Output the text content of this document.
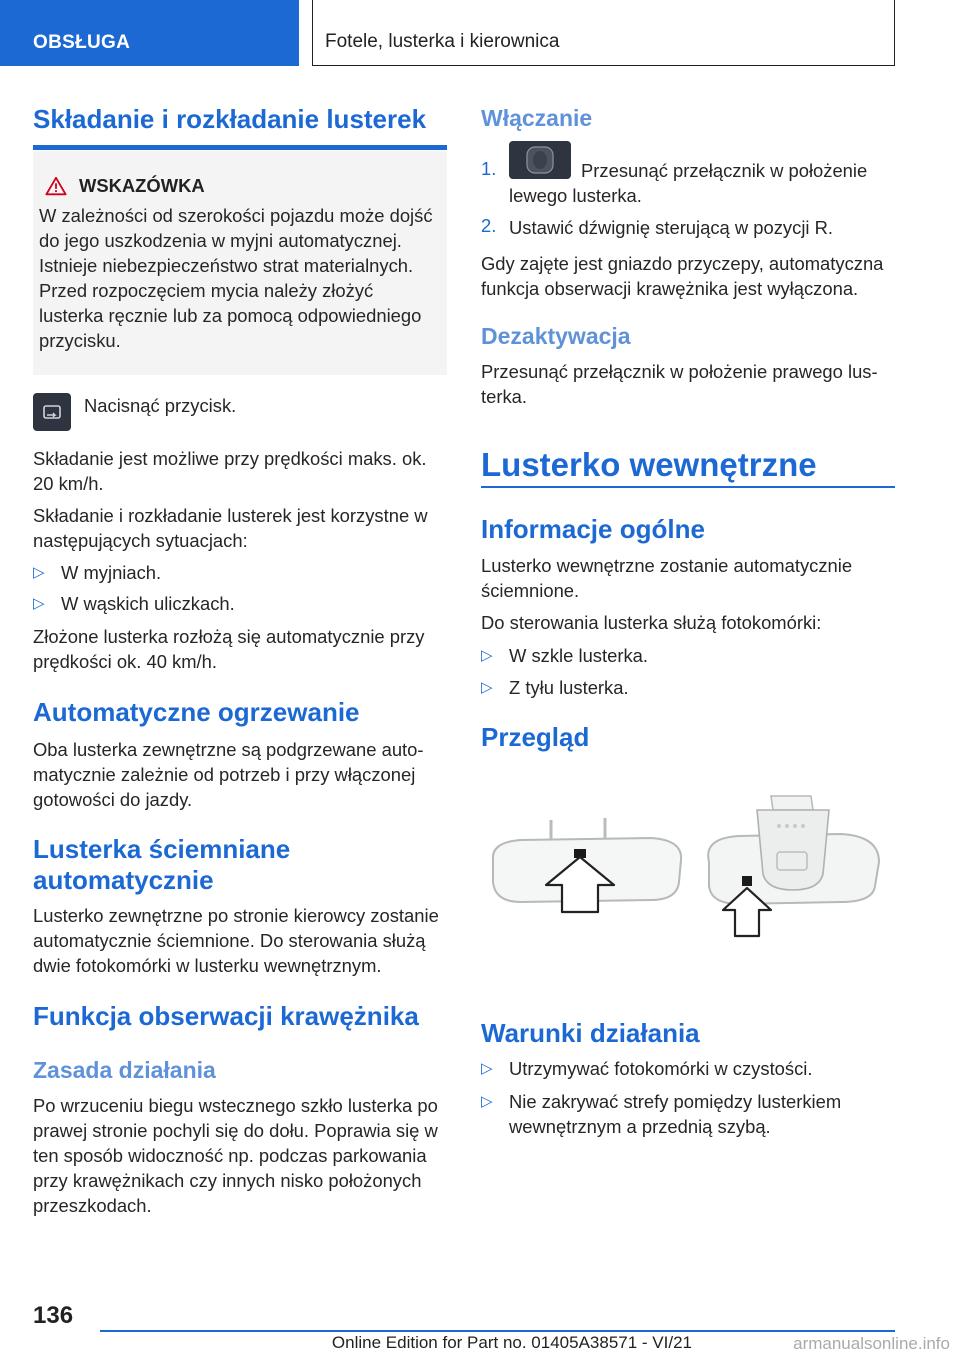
OBSŁUGA	Fotele, lusterka i kierownica
Składanie i rozkładanie lusterek
WSKAZÓWKA

W zależności od szerokości pojazdu może dojść do jego uszkodzenia w myjni automatycznej. Istnieje niebezpieczeństwo strat materialnych. Przed rozpoczęciem mycia należy złożyć lusterka ręcznie lub za pomocą odpowiedniego przycisku.

Nacisnąć przycisk.

Składanie jest możliwe przy prędkości maks. ok. 20 km/h.

Składanie i rozkładanie lusterek jest korzystne w następujących sytuacjach:

▷ W myjniach.
▷ W wąskich uliczkach.

Złożone lusterka rozłożą się automatycznie przy prędkości ok. 40 km/h.

Automatyczne ogrzewanie

Oba lusterka zewnętrzne są podgrzewane automatycznie zależnie od potrzeb i przy włączonej gotowości do jazdy.

Lusterka ściemniane
automatycznie

Lusterko zewnętrzne po stronie kierowcy zostanie automatycznie ściemnione. Do sterowania służą dwie fotokomórki w lusterku wewnętrznym.

Funkcja obserwacji krawężnika
Zasada działania

Po wrzuceniu biegu wstecznego szkło lusterka po prawej stronie pochyli się do dołu. Poprawia się w ten sposób widoczność np. podczas parkowania przy krawężnikach czy innych nisko położonych przeszkodach.

Włączanie
1.	Przesunąć przełącznik w położenie lewego lusterka.

2. Ustawić dźwignię sterującą w pozycji R.

Gdy zajęte jest gniazdo przyczepy, automatyczna funkcja obserwacji krawężnika jest wyłączona.

Dezaktywacja

Przesunąć przełącznik w położenie prawego lusterka.

Lusterko wewnętrzne
Informacje ogólne

Lusterko wewnętrzne zostanie automatycznie ściemnione.

Do sterowania lusterka służą fotokomórki:

▷ W szkle lusterka.
▷ Z tyłu lusterka.
Przegląd
Warunki działania
▷ Utrzymywać fotokomórki w czystości.
▷ Nie zakrywać strefy pomiędzy lusterkiem wewnętrznym a przednią szybą.
136
Online Edition for Part no. 01405A38571 - VI/21	armanualsonline.info
